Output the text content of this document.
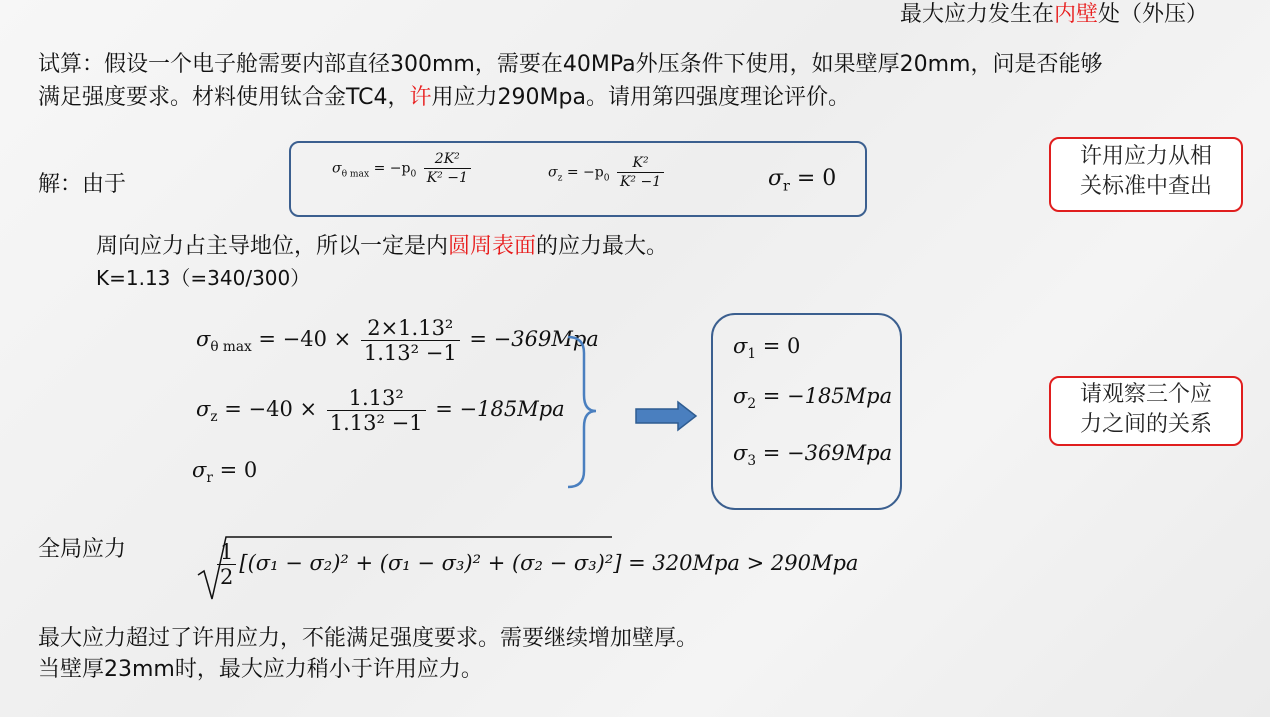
最大应力发生在内壁处（外压）
试算：假设一个电子舱需要内部直径300mm，需要在40MPa外压条件下使用，如果壁厚20mm，问是否能够
满足强度要求。材料使用钛合金TC4，许用应力290Mpa。请用第四强度理论评价。
解：由于
$\sigma_{\theta max} = -p_0 \frac{\text{2K²}}{\text{K² −1}}$	$\sigma_z = -p_0 \frac{\text{K²}}{\text{K² −1}}$	$\sigma_r = 0$
许用应力从相
关标准中查出
周向应力占主导地位，所以一定是内圆周表面的应力最大。
K=1.13（=340/300）
$\sigma_{\theta max} = -40 \times \frac{\text{2×1.13²}}{\text{1.13² −1}} = -369Mpa$
$\sigma_z = -40 \times \frac{\text{1.13²}}{\text{1.13² −1}} = -185Mpa$
$\sigma_r = 0$
$\sigma_1 = 0$
$\sigma_2 = -185Mpa$
$\sigma_3 = -369Mpa$
请观察三个应
力之间的关系
全局应力	$\frac{1}{2} [(\sigma_1 - \sigma_2)^2 + (\sigma_1 - \sigma_3)^2 + (\sigma_2 - \sigma_3)^2] = 320Mpa > 290Mpa$
最大应力超过了许用应力，不能满足强度要求。需要继续增加壁厚。
当壁厚23mm时，最大应力稍小于许用应力。
